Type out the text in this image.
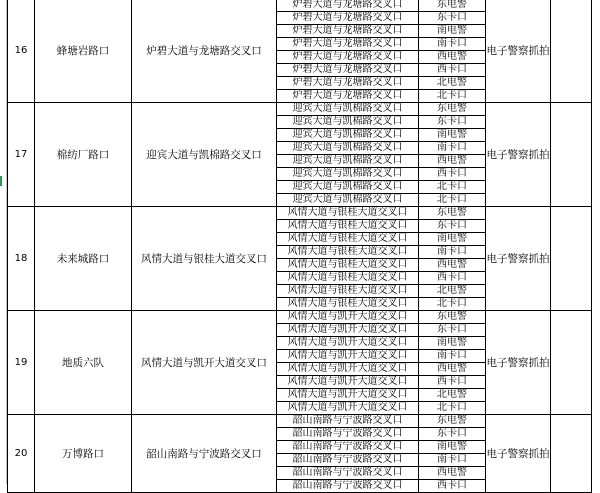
16	蜂塘岩路口	炉碧大道与龙塘路交叉口	炉碧大道与龙塘路交叉口	东电警	电子警察抓拍	
			炉碧大道与龙塘路交叉口	东卡口		
			炉碧大道与龙塘路交叉口	南电警		
			炉碧大道与龙塘路交叉口	南卡口		
			炉碧大道与龙塘路交叉口	西电警		
			炉碧大道与龙塘路交叉口	西卡口		
			炉碧大道与龙塘路交叉口	北电警		
			炉碧大道与龙塘路交叉口	北卡口		
17	棉纺厂路口	迎宾大道与凯棉路交叉口	迎宾大道与凯棉路交叉口	东电警	电子警察抓拍	
			迎宾大道与凯棉路交叉口	东卡口		
			迎宾大道与凯棉路交叉口	南电警		
			迎宾大道与凯棉路交叉口	南卡口		
			迎宾大道与凯棉路交叉口	西电警		
			迎宾大道与凯棉路交叉口	西卡口		
			迎宾大道与凯棉路交叉口	北卡口		
			迎宾大道与凯棉路交叉口	北卡口		
18	未来城路口	风情大道与银桂大道交叉口	风情大道与银桂大道交叉口	东电警	电子警察抓拍	
			风情大道与银桂大道交叉口	东卡口		
			风情大道与银桂大道交叉口	南电警		
			风情大道与银桂大道交叉口	南卡口		
			风情大道与银桂大道交叉口	西电警		
			风情大道与银桂大道交叉口	西卡口		
			风情大道与银桂大道交叉口	北电警		
			风情大道与银桂大道交叉口	北卡口		
19	地质六队	风情大道与凯开大道交叉口	风情大道与凯开大道交叉口	东电警	电子警察抓拍	
			风情大道与凯开大道交叉口	东卡口		
			风情大道与凯开大道交叉口	南电警		
			风情大道与凯开大道交叉口	南卡口		
			风情大道与凯开大道交叉口	西电警		
			风情大道与凯开大道交叉口	西卡口		
			风情大道与凯开大道交叉口	北电警		
			风情大道与凯开大道交叉口	北卡口		
20	万博路口	韶山南路与宁波路交叉口	韶山南路与宁波路交叉口	东电警	电子警察抓拍	
			韶山南路与宁波路交叉口	东卡口		
			韶山南路与宁波路交叉口	南电警		
			韶山南路与宁波路交叉口	南卡口		
			韶山南路与宁波路交叉口	西电警		
			韶山南路与宁波路交叉口	西卡口		
